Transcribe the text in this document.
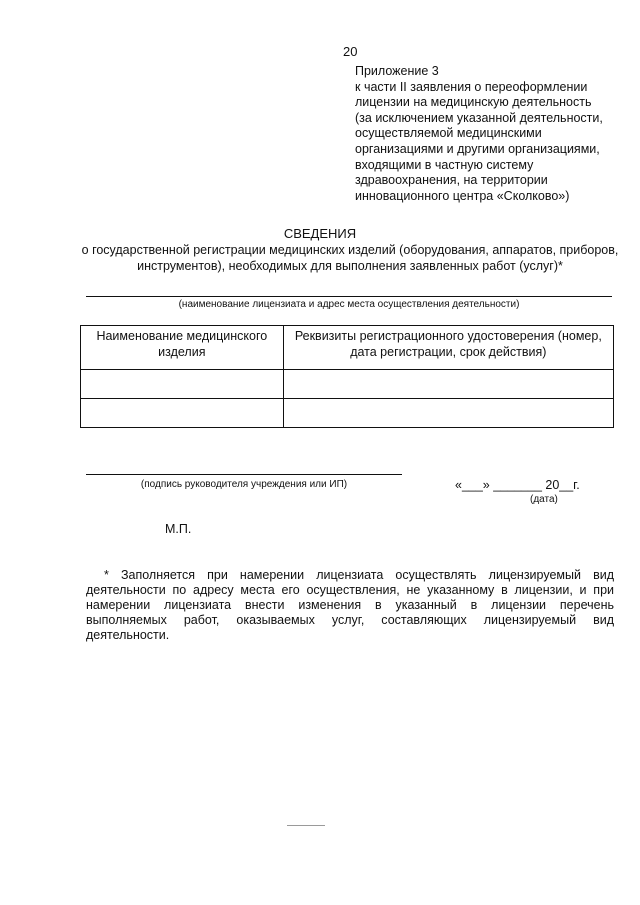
20
Приложение 3
к части II заявления о переоформлении
лицензии на медицинскую деятельность
(за исключением указанной деятельности,
осуществляемой медицинскими
организациями и другими организациями,
входящими в частную систему
здравоохранения, на территории
инновационного центра «Сколково»)
СВЕДЕНИЯ
о государственной регистрации медицинских изделий (оборудования, аппаратов, приборов, инструментов), необходимых для выполнения заявленных работ (услуг)*
(наименование лицензиата и адрес места осуществления деятельности)
Наименование медицинского изделия	Реквизиты регистрационного удостоверения (номер, дата регистрации, срок действия)

(подпись руководителя учреждения или ИП)	«___» _______ 20__г.
(дата)
М.П.
* Заполняется при намерении лицензиата осуществлять лицензируемый вид деятельности по адресу места его осуществления, не указанному в лицензии, и при намерении лицензиата внести изменения в указанный в лицензии перечень выполняемых работ, оказываемых услуг, составляющих лицензируемый вид деятельности.
